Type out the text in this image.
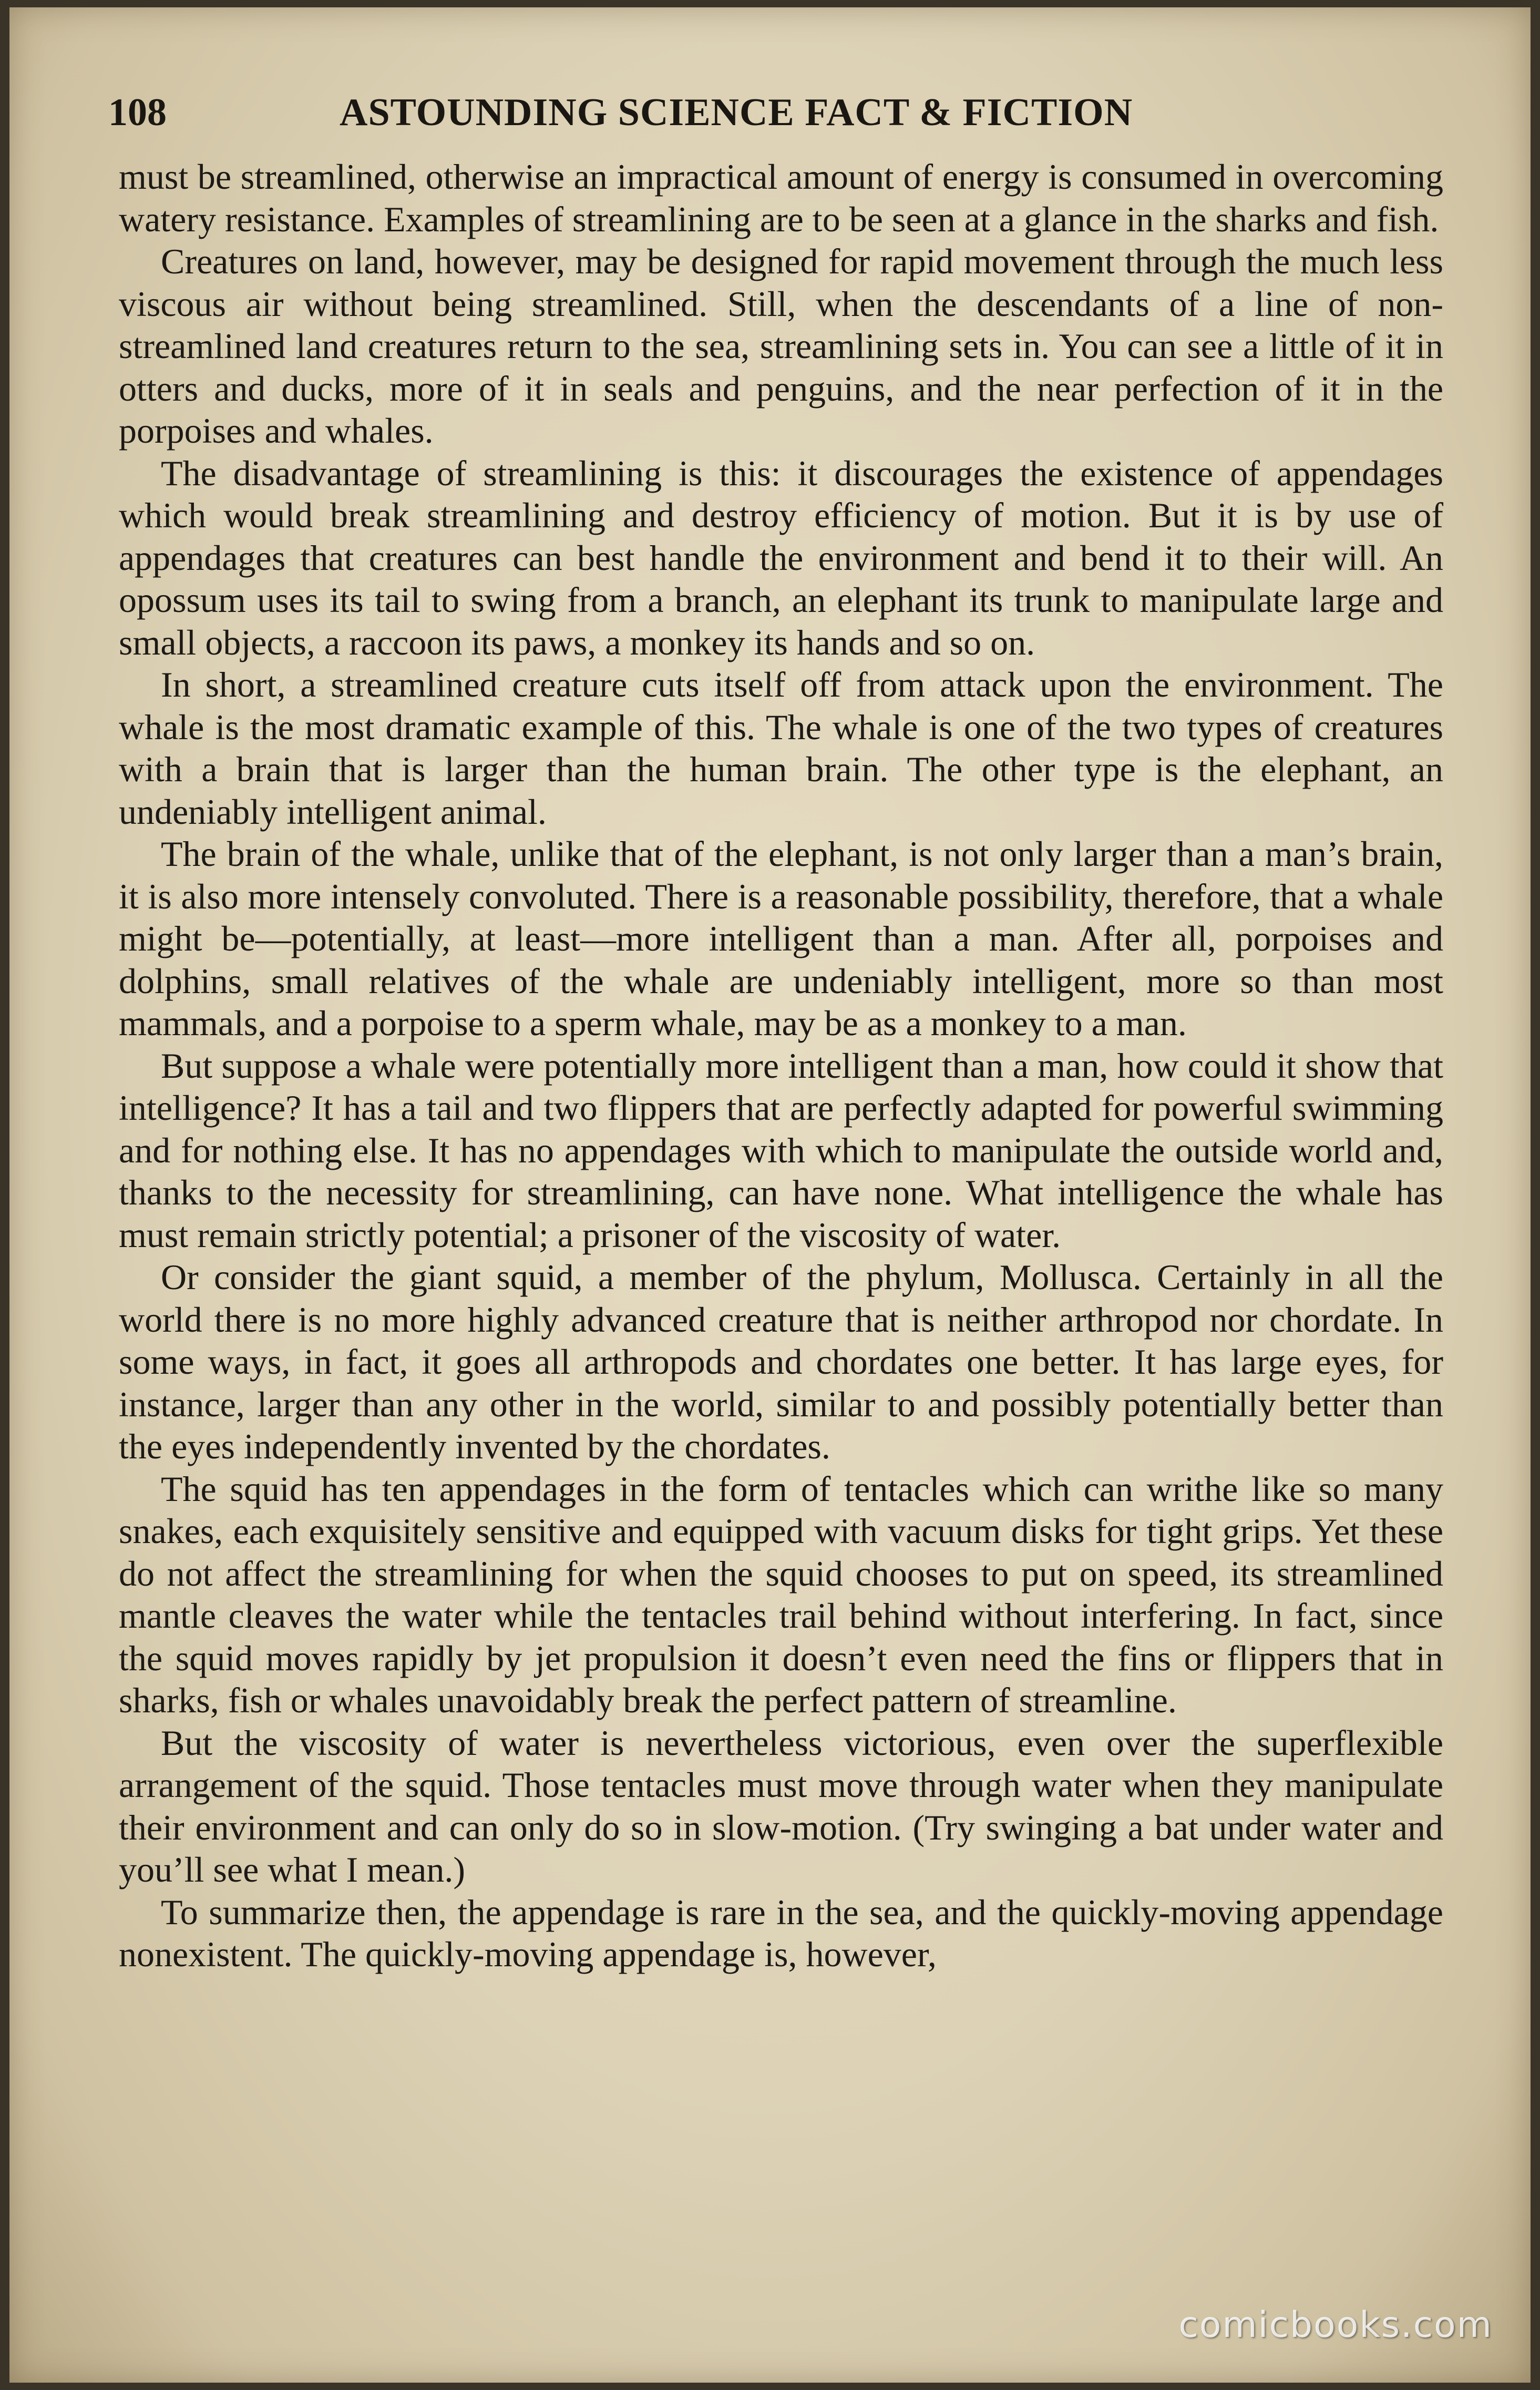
108	ASTOUNDING SCIENCE FACT & FICTION

must be streamlined, otherwise an impractical amount of energy is consumed in overcoming watery resistance. Examples of streamlining are to be seen at a glance in the sharks and fish.

Creatures on land, however, may be designed for rapid movement through the much less viscous air without being streamlined. Still, when the descendants of a line of non-streamlined land creatures return to the sea, streamlining sets in. You can see a little of it in otters and ducks, more of it in seals and penguins, and the near perfection of it in the porpoises and whales.

The disadvantage of streamlining is this: it discourages the existence of appendages which would break streamlining and destroy efficiency of motion. But it is by use of appendages that creatures can best handle the environment and bend it to their will. An opossum uses its tail to swing from a branch, an elephant its trunk to manipulate large and small objects, a raccoon its paws, a monkey its hands and so on.

In short, a streamlined creature cuts itself off from attack upon the environment. The whale is the most dramatic example of this. The whale is one of the two types of creatures with a brain that is larger than the human brain. The other type is the elephant, an undeniably intelligent animal.

The brain of the whale, unlike that of the elephant, is not only larger than a man’s brain, it is also more intensely convoluted. There is a reasonable possibility, therefore, that a whale might be—potentially, at least—more intelligent than a man. After all, porpoises and dolphins, small relatives of the whale are undeniably intelligent, more so than most mammals, and a porpoise to a sperm whale, may be as a monkey to a man.

But suppose a whale were potentially more intelligent than a man, how could it show that intelligence? It has a tail and two flippers that are perfectly adapted for powerful swimming and for nothing else. It has no appendages with which to manipulate the outside world and, thanks to the necessity for streamlining, can have none. What intelligence the whale has must remain strictly potential; a prisoner of the viscosity of water.

Or consider the giant squid, a member of the phylum, Mollusca. Certainly in all the world there is no more highly advanced creature that is neither arthropod nor chordate. In some ways, in fact, it goes all arthropods and chordates one better. It has large eyes, for instance, larger than any other in the world, similar to and possibly potentially better than the eyes independently invented by the chordates.

The squid has ten appendages in the form of tentacles which can writhe like so many snakes, each exquisitely sensitive and equipped with vacuum disks for tight grips. Yet these do not affect the streamlining for when the squid chooses to put on speed, its streamlined mantle cleaves the water while the tentacles trail behind without interfering. In fact, since the squid moves rapidly by jet propulsion it doesn’t even need the fins or flippers that in sharks, fish or whales unavoidably break the perfect pattern of streamline.

But the viscosity of water is nevertheless victorious, even over the superflexible arrangement of the squid. Those tentacles must move through water when they manipulate their environment and can only do so in slow-motion. (Try swinging a bat under water and you’ll see what I mean.)

To summarize then, the appendage is rare in the sea, and the quickly-moving appendage nonexistent. The quickly-moving appendage is, however,

comicbooks.com
